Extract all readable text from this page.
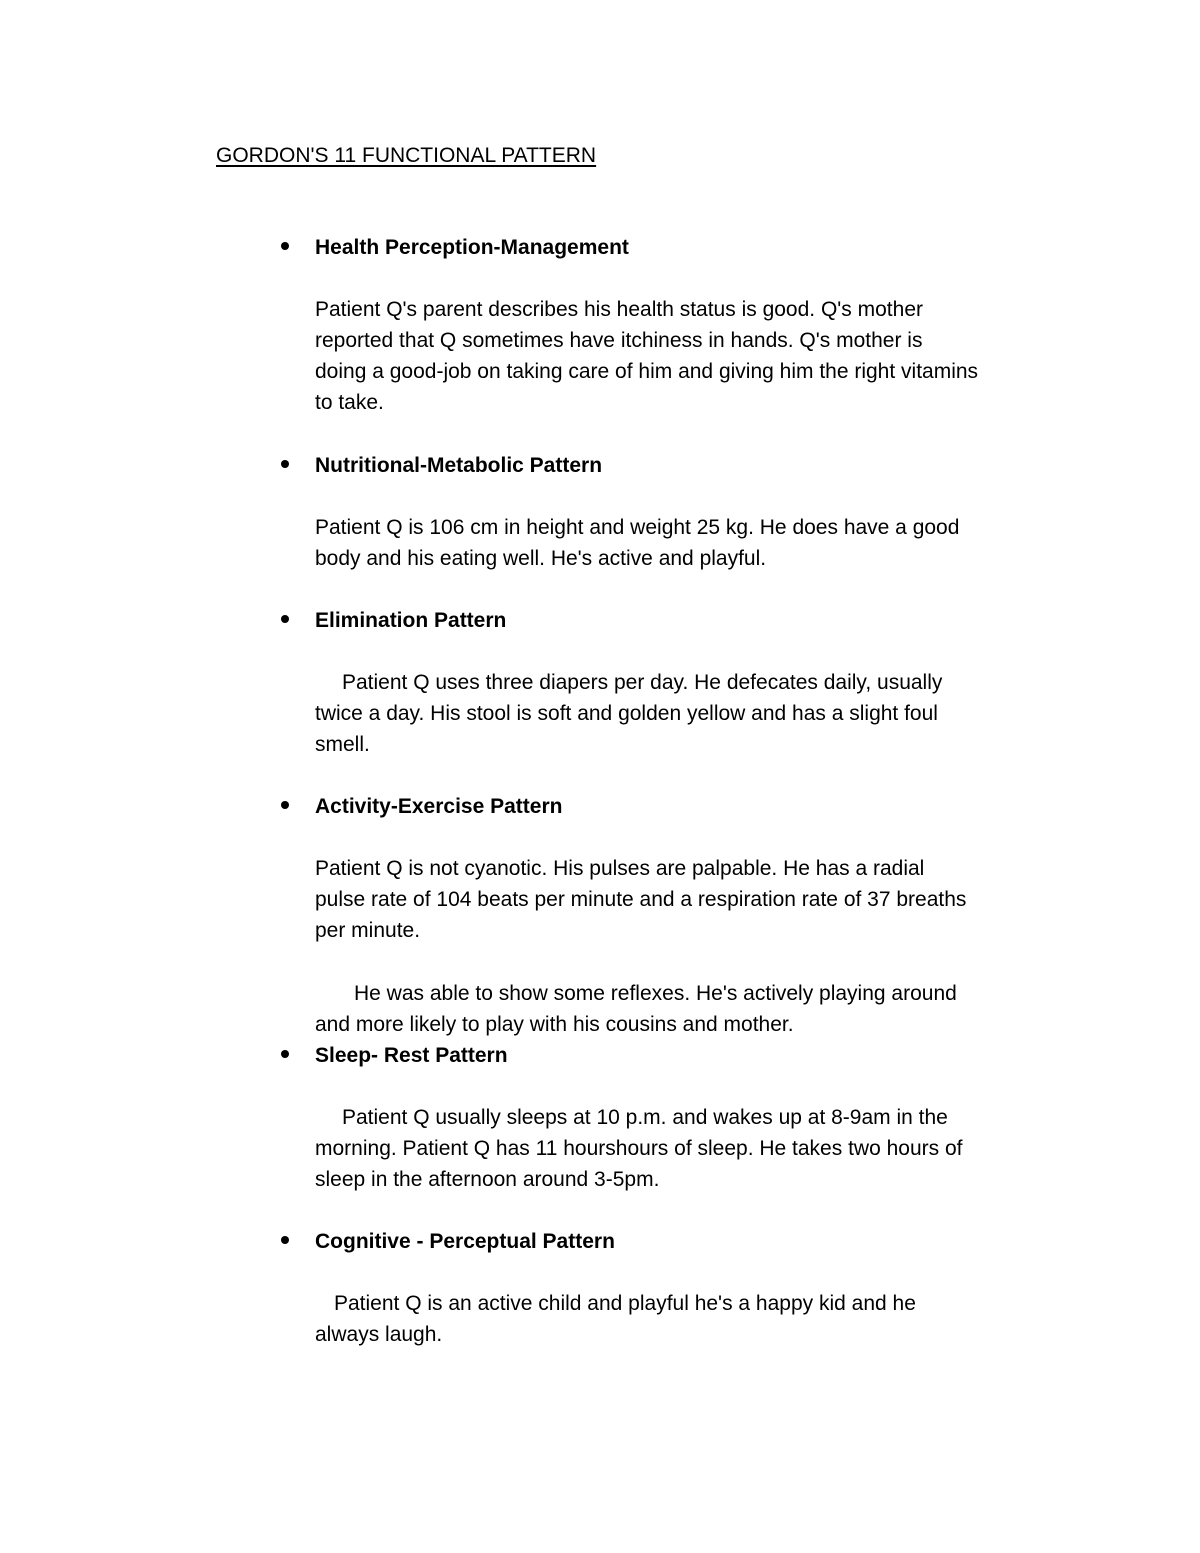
GORDON'S 11 FUNCTIONAL PATTERN
Health Perception-Management
Patient Q's parent describes his health status is good. Q's mother
reported that Q sometimes have itchiness in hands. Q's mother is
doing a good-job on taking care of him and giving him the right vitamins
to take.
Nutritional-Metabolic Pattern
Patient Q is 106 cm in height and weight 25 kg. He does have a good
body and his eating well. He's active and playful.
Elimination Pattern
Patient Q uses three diapers per day. He defecates daily, usually
twice a day. His stool is soft and golden yellow and has a slight foul
smell.
Activity-Exercise Pattern
Patient Q is not cyanotic. His pulses are palpable. He has a radial
pulse rate of 104 beats per minute and a respiration rate of 37 breaths
per minute.
He was able to show some reflexes. He's actively playing around
and more likely to play with his cousins and mother.
Sleep- Rest Pattern
Patient Q usually sleeps at 10 p.m. and wakes up at 8-9am in the
morning. Patient Q has 11 hourshours of sleep. He takes two hours of
sleep in the afternoon around 3-5pm.
Cognitive - Perceptual Pattern
Patient Q is an active child and playful he's a happy kid and he
always laugh.
